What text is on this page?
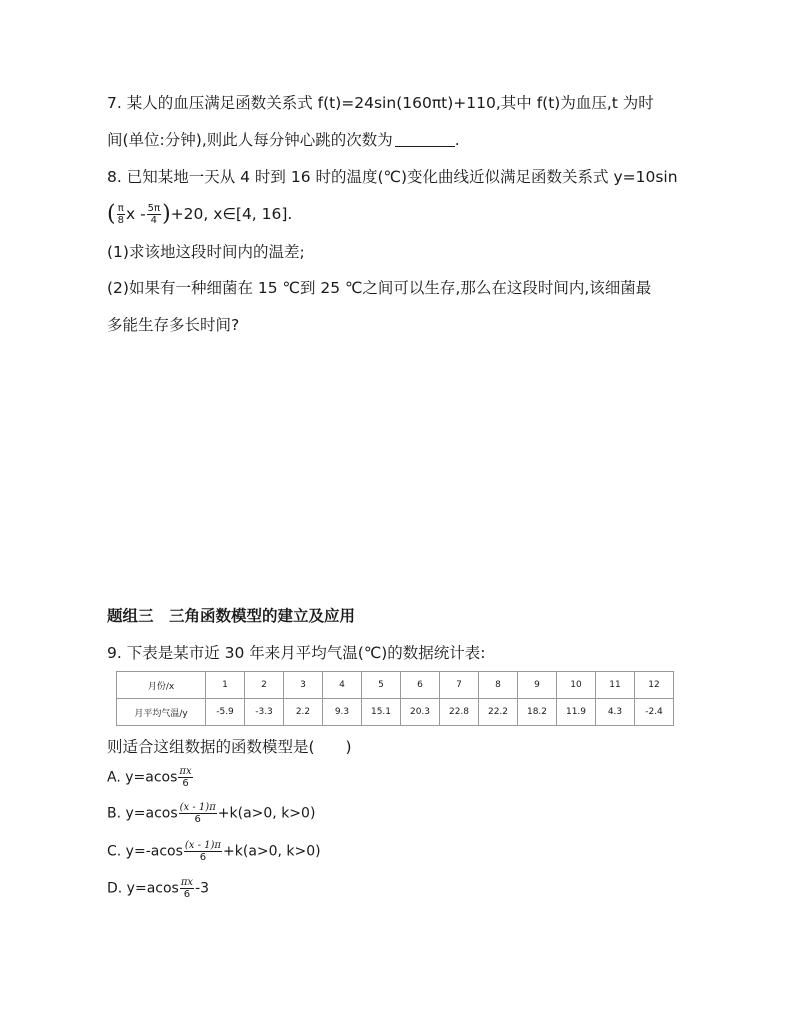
7. 某人的血压满足函数关系式 f(t)=24sin(160πt)+110,其中 f(t)为血压,t 为时
间(单位:分钟),则此人每分钟心跳的次数为	.
8. 已知某地一天从 4 时到 16 时的温度(℃)变化曲线近似满足函数关系式 y=10sin
( $\frac{\pi}{8}$ $x - \frac{5\pi}{4} )+20$, x∈[4, 16].
(1)求该地这段时间内的温差;
(2)如果有一种细菌在 15 ℃到 25 ℃之间可以生存,那么在这段时间内,该细菌最
多能生存多长时间?
题组三　三角函数模型的建立及应用
9. 下表是某市近 30 年来月平均气温(℃)的数据统计表:
月份/x	1	2	3	4	5	6	7	8	9	10	11	12
月平均气温/y	-5.9	-3.3	2.2	9.3	15.1	20.3	22.8	22.2	18.2	11.9	4.3	-2.4
则适合这组数据的函数模型是(　　)
A. $y=acos \frac{\pi x}{6}$
B. $y=acos \frac{(x - 1)\pi}{6} +k(a>0$, k>0)
C. $y=-acos \frac{(x - 1)\pi}{6} +k(a>0$, k>0)
D. $y=acos \frac{\pi x}{6} -3$
